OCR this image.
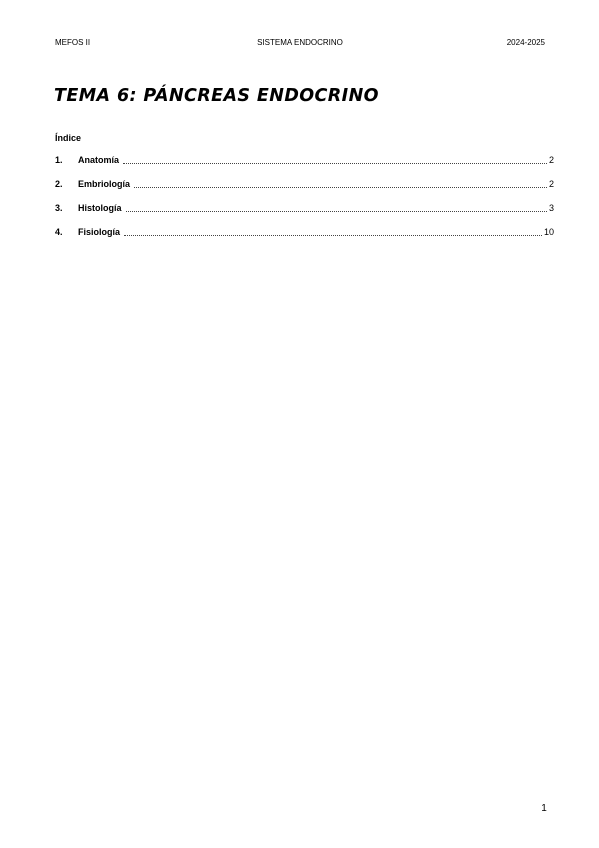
MEFOS II	SISTEMA ENDOCRINO	2024-2025
TEMA 6: PÁNCREAS ENDOCRINO
Índice
1.	Anatomía	2
2.	Embriología	2
3.	Histología	3
4.	Fisiología	10
1
